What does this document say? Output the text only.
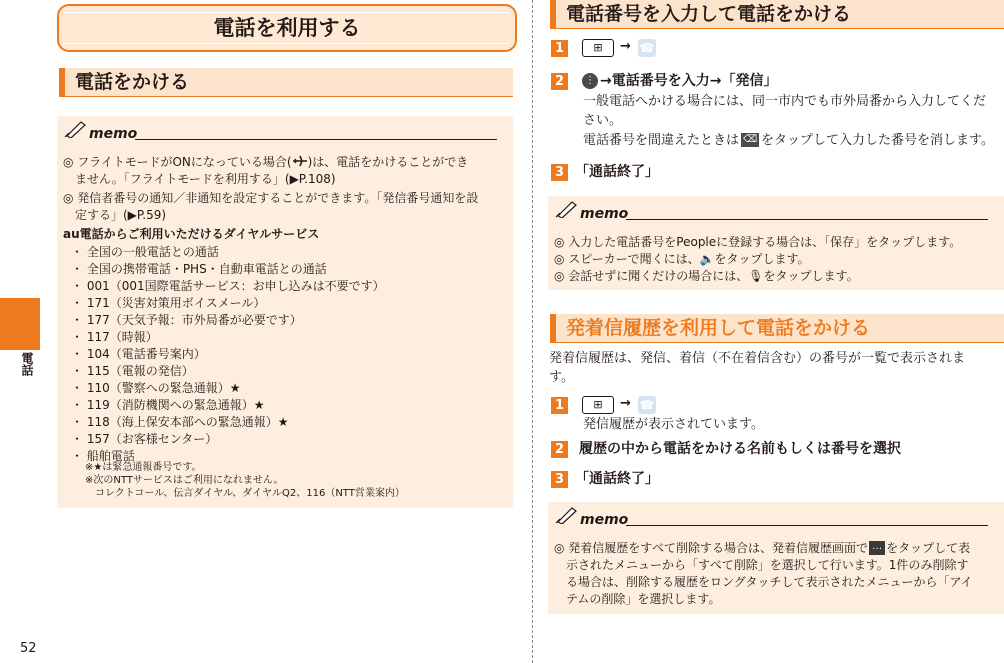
電話
52
電話を利用する
電話をかける
memo
◎ フライトモードがONになっている場合( )は、電話をかけることができ
　ません。「フライトモードを利用する」(▶P.108)
◎ 発信者番号の通知／非通知を設定することができます。「発信番号通知を設
　定する」(▶P.59)
au電話からご利用いただけるダイヤルサービス
・ 全国の一般電話との通話
・ 全国の携帯電話・PHS・自動車電話との通話
・ 001（001国際電話サービス：お申し込みは不要です）
・ 171（災害対策用ボイスメール）
・ 177（天気予報：市外局番が必要です）
・ 117（時報）
・ 104（電話番号案内）
・ 115（電報の発信）
・ 110（警察への緊急通報）★
・ 119（消防機関への緊急通報）★
・ 118（海上保安本部への緊急通報）★
・ 157（お客様センター）
・ 船舶電話
※★は緊急通報番号です。
※次のNTTサービスはご利用になれません。
　コレクトコール、伝言ダイヤル、ダイヤルQ2、116（NTT営業案内）
電話番号を入力して電話をかける
1	⊞	→ ☎
2	⋮ →電話番号を入力→「発信」
一般電話へかける場合には、同一市内でも市外局番から入力してくだ
さい。
電話番号を間違えたときは ⌫ をタップして入力した番号を消します。
3 「通話終了」
memo
◎ 入力した電話番号をPeopleに登録する場合は、「保存」をタップします。
◎ スピーカーで聞くには、🔈をタップします。
◎ 会話せずに聞くだけの場合には、🎙をタップします。
発着信履歴を利用して電話をかける
発着信履歴は、発信、着信（不在着信含む）の番号が一覧で表示されま
す。
1	⊞	→ ☎
発信履歴が表示されています。
2 履歴の中から電話をかける名前もしくは番号を選択
3 「通話終了」
memo
◎ 発着信履歴をすべて削除する場合は、発着信履歴画面で … をタップして表
　示されたメニューから「すべて削除」を選択して行います。1件のみ削除す
　る場合は、削除する履歴をロングタッチして表示されたメニューから「アイ
　テムの削除」を選択します。
